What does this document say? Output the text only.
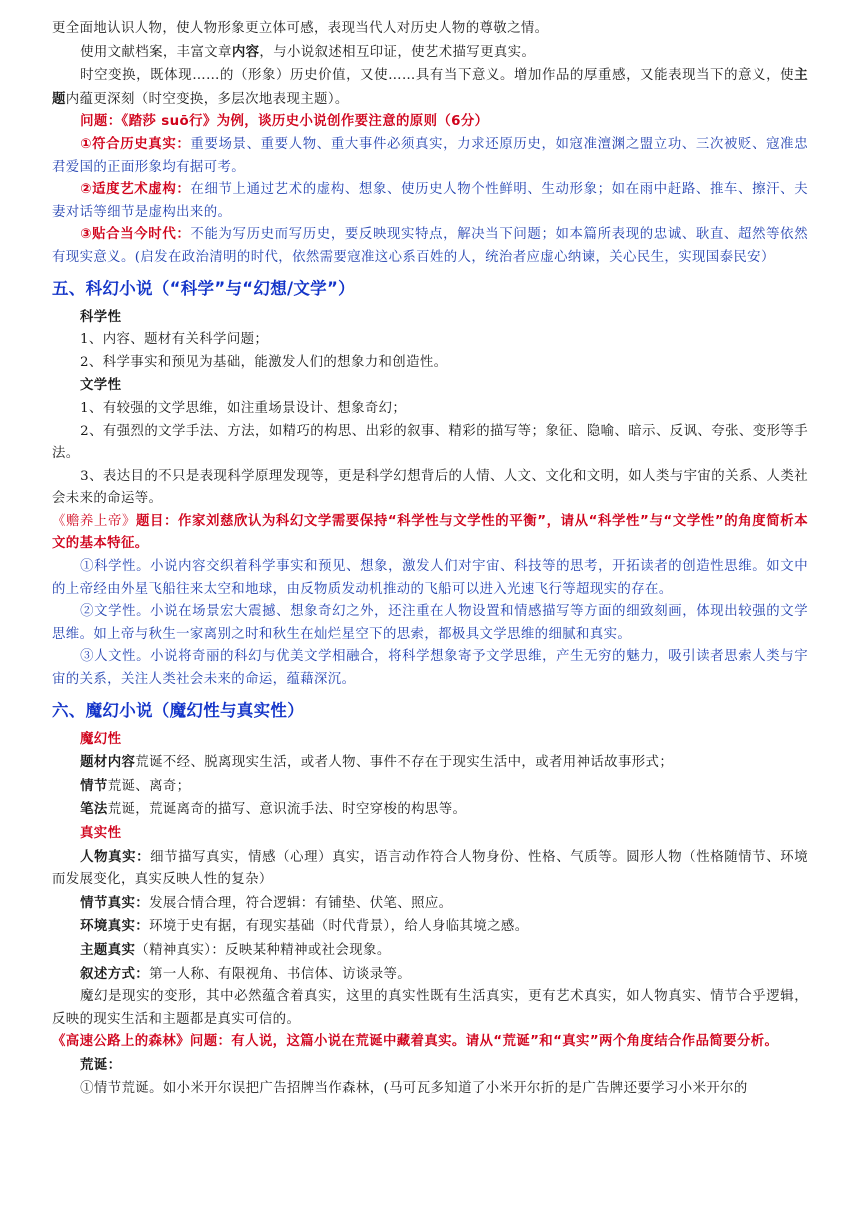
更全面地认识人物，使人物形象更立体可感，表现当代人对历史人物的尊敬之情。

使用文献档案，丰富文章内容，与小说叙述相互印证，使艺术描写更真实。

时空变换，既体现……的（形象）历史价值，又使……具有当下意义。增加作品的厚重感，又能表现当下的意义，使主题内蕴更深刻（时空变换，多层次地表现主题）。

问题：《踏莎 suō行》为例，谈历史小说创作要注意的原则（6分）

①符合历史真实：重要场景、重要人物、重大事件必须真实，力求还原历史，如寇准澶渊之盟立功、三次被贬、寇准忠君爱国的正面形象均有据可考。

②适度艺术虚构：在细节上通过艺术的虚构、想象、使历史人物个性鲜明、生动形象；如在雨中赶路、推车、擦汗、夫妻对话等细节是虚构出来的。

③贴合当今时代：不能为写历史而写历史，要反映现实特点，解决当下问题；如本篇所表现的忠诚、耿直、超然等依然有现实意义。(启发在政治清明的时代，依然需要寇准这心系百姓的人，统治者应虚心纳谏，关心民生，实现国泰民安）

五、科幻小说（“科学”与“幻想/文学”）

科学性

1、内容、题材有关科学问题；

2、科学事实和预见为基础，能激发人们的想象力和创造性。

文学性

1、有较强的文学思维，如注重场景设计、想象奇幻；

2、有强烈的文学手法、方法，如精巧的构思、出彩的叙事、精彩的描写等；象征、隐喻、暗示、反讽、夸张、变形等手法。

3、表达目的不只是表现科学原理发现等，更是科学幻想背后的人情、人文、文化和文明，如人类与宇宙的关系、人类社会未来的命运等。

《赡养上帝》题目：作家刘慈欣认为科幻文学需要保持“科学性与文学性的平衡”，请从“科学性”与“文学性”的角度简析本文的基本特征。

①科学性。小说内容交织着科学事实和预见、想象，激发人们对宇宙、科技等的思考，开拓读者的创造性思维。如文中的上帝经由外星飞船往来太空和地球，由反物质发动机推动的飞船可以进入光速飞行等超现实的存在。

②文学性。小说在场景宏大震撼、想象奇幻之外，还注重在人物设置和情感描写等方面的细致刻画，体现出较强的文学思维。如上帝与秋生一家离别之时和秋生在灿烂星空下的思索，都极具文学思维的细腻和真实。

③人文性。小说将奇丽的科幻与优美文学相融合，将科学想象寄予文学思维，产生无穷的魅力，吸引读者思索人类与宇宙的关系，关注人类社会未来的命运，蕴藉深沉。

六、魔幻小说（魔幻性与真实性）

魔幻性

题材内容荒诞不经、脱离现实生活，或者人物、事件不存在于现实生活中，或者用神话故事形式；

情节荒诞、离奇；

笔法荒诞，荒诞离奇的描写、意识流手法、时空穿梭的构思等。

真实性

人物真实：细节描写真实，情感（心理）真实，语言动作符合人物身份、性格、气质等。圆形人物（性格随情节、环境而发展变化，真实反映人性的复杂）

情节真实：发展合情合理，符合逻辑：有铺垫、伏笔、照应。

环境真实：环境于史有据，有现实基础（时代背景），给人身临其境之感。

主题真实（精神真实）：反映某种精神或社会现象。

叙述方式：第一人称、有限视角、书信体、访谈录等。

魔幻是现实的变形，其中必然蕴含着真实，这里的真实性既有生活真实，更有艺术真实，如人物真实、情节合乎逻辑，反映的现实生活和主题都是真实可信的。

《高速公路上的森林》问题：有人说，这篇小说在荒诞中藏着真实。请从“荒诞”和“真实”两个角度结合作品简要分析。

荒诞：

①情节荒诞。如小米开尔误把广告招牌当作森林，(马可瓦多知道了小米开尔折的是广告牌还要学习小米开尔的
